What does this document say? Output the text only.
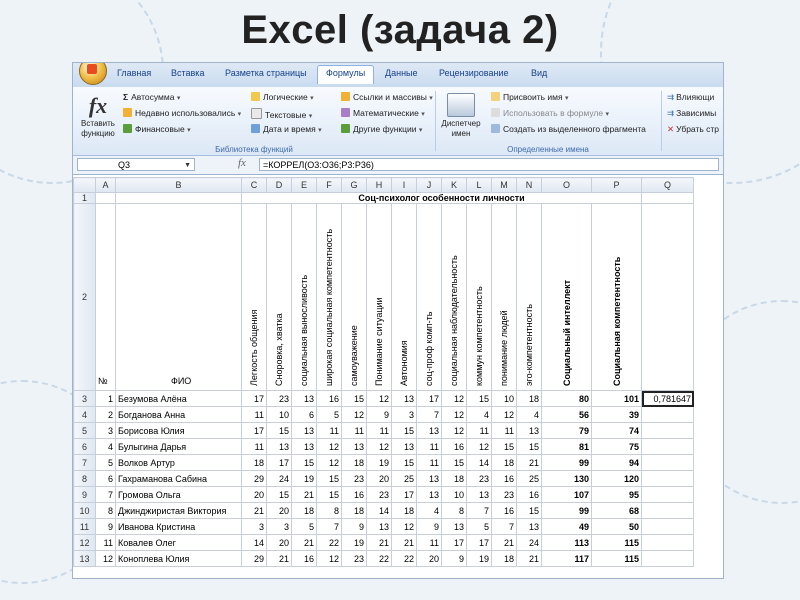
Excel (задача 2)
Главная Вставка Разметка страницы	Формулы	Данные Рецензирование	Вид
fx
Вставить
функцию
Σ Автосумма ▾
Недавно использовались ▾
Финансовые ▾
Логические ▾
Текстовые ▾
Дата и время ▾
Ссылки и массивы ▾
Математические ▾
Другие функции ▾
Библиотека функций
Диспетчер
имен
Присвоить имя ▾
Использовать в формуле ▾
Создать из выделенного фрагмента
Определенные имена
⇉ Влияющи
⇉ Зависимы
✕ Убрать стр
Q3	▼	fx	=КОРРЕЛ(O3:O36;P3:P36)
	A	B	C	D	E	F	G	H	I	J	K	L	M	N	O	P	Q
1			Соц-психолог особенности личности														
2	№	ФИО	Легкость общения	Сноровка, хватка	социальная выносливость	широкая социальная компетентность	самоуважение	Понимание ситуации	Автономия	соц-проф комп-ть	социальная наблюдательность	коммун компетентность	понимание людей	эго-компетентность	Социальный интеллект	Социальная компетентность	

3	1	Безумова Алёна	17	23	13	16	15	12	13	17	12	15	10	18	80	101	0,781647
4	2	Богданова Анна	11	10	6	5	12	9	3	7	12	4	12	4	56	39	
5	3	Борисова Юлия	17	15	13	11	11	11	15	13	12	11	11	13	79	74	
6	4	Булыгина Дарья	11	13	13	12	13	12	13	11	16	12	15	15	81	75	
7	5	Волков Артур	18	17	15	12	18	19	15	11	15	14	18	21	99	94	
8	6	Гахраманова Сабина	29	24	19	15	23	20	25	13	18	23	16	25	130	120	
9	7	Громова Ольга	20	15	21	15	16	23	17	13	10	13	23	16	107	95	
10	8	Джинджиристая Виктория	21	20	18	8	18	14	18	4	8	7	16	15	99	68	
11	9	Иванова Кристина	3	3	5	7	9	13	12	9	13	5	7	13	49	50	
12	11	Ковалев Олег	14	20	21	22	19	21	21	11	17	17	21	24	113	115	
13	12	Коноплева Юлия	29	21	16	12	23	22	22	20	9	19	18	21	117	115	
